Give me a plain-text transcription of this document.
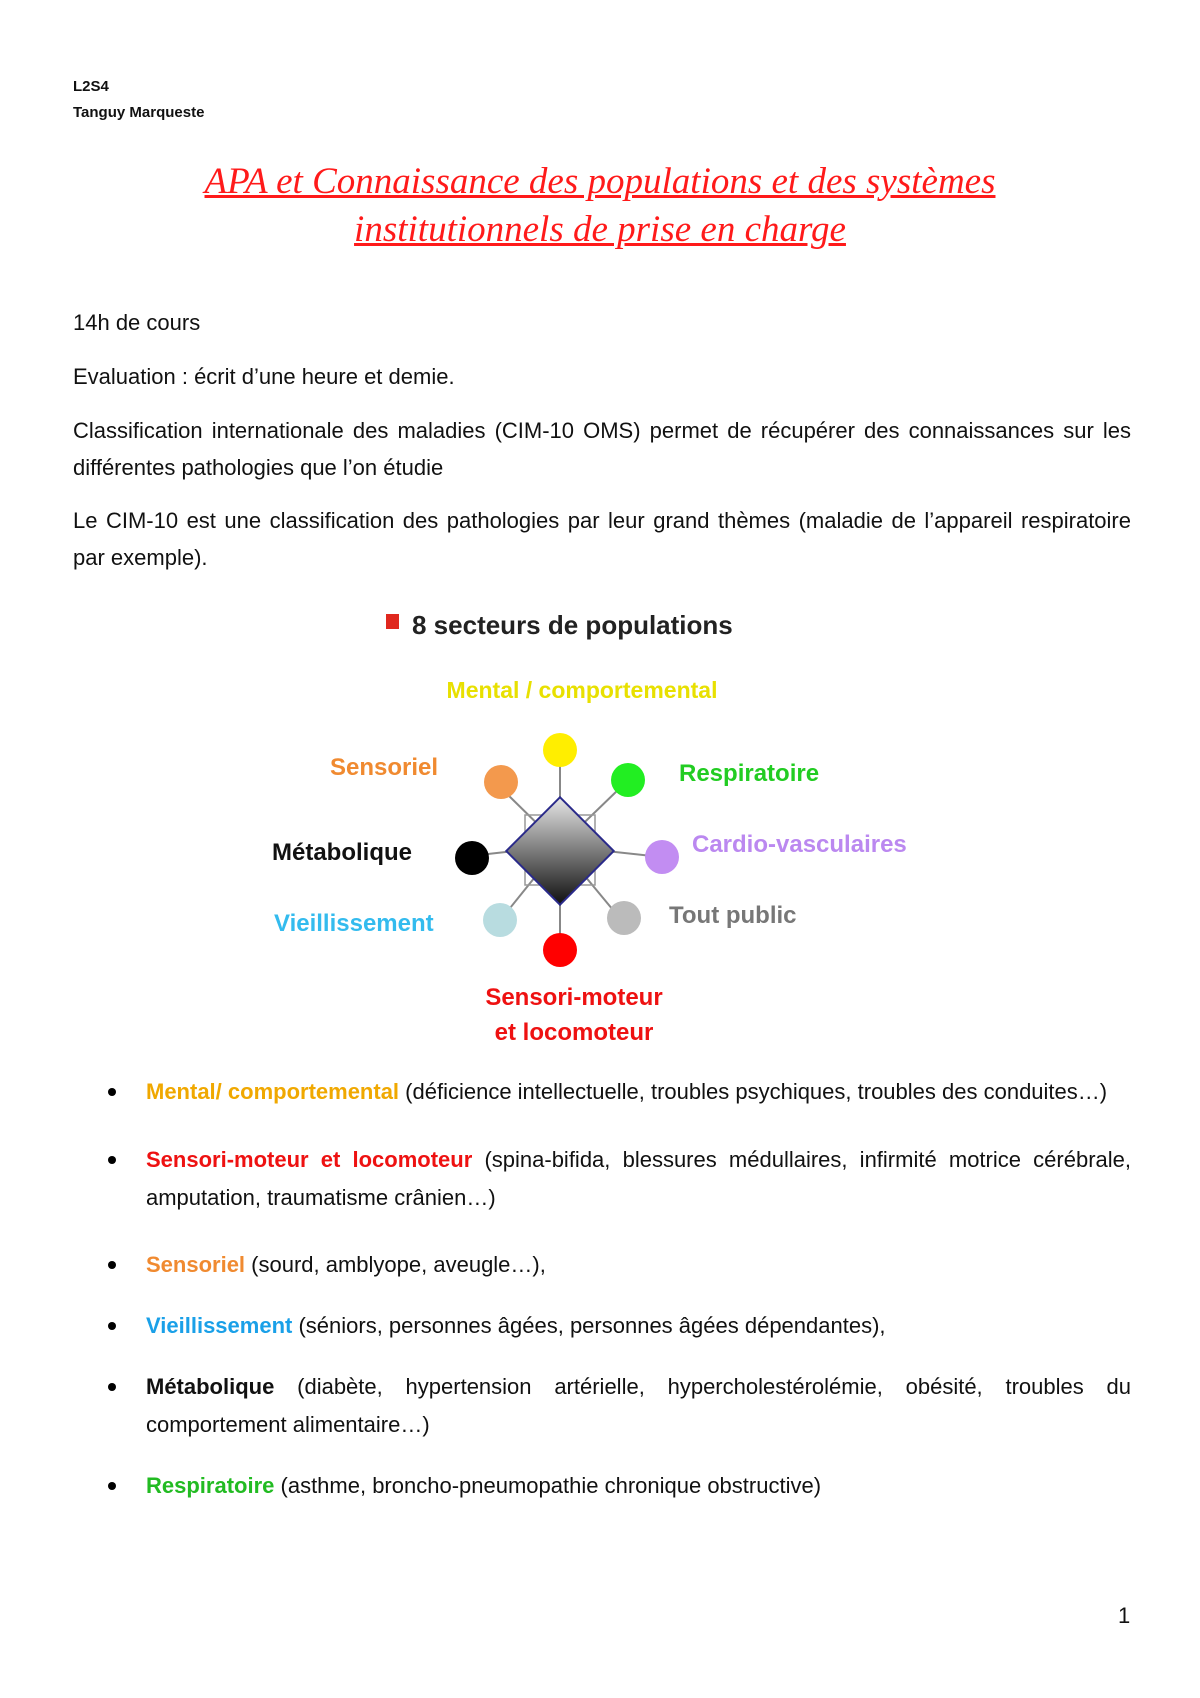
L2S4
Tanguy Marqueste
APA et Connaissance des populations et des systèmes
institutionnels de prise en charge
14h de cours
Evaluation : écrit d’une heure et demie.
Classification internationale des maladies (CIM-10 OMS) permet de récupérer des connaissances sur les différentes pathologies que l’on étudie
Le CIM-10 est une classification des pathologies par leur grand thèmes (maladie de l’appareil respiratoire par exemple).
8 secteurs de populations
Mental / comportemental
Respiratoire
Cardio-vasculaires
Tout public
Sensori-moteur
et locomoteur
Vieillissement
Métabolique
Sensoriel
Mental/ comportemental (déficience intellectuelle, troubles psychiques, troubles des conduites…)
Sensori-moteur et locomoteur (spina-bifida, blessures médullaires, infirmité motrice cérébrale, amputation, traumatisme crânien…)
Sensoriel (sourd, amblyope, aveugle…),
Vieillissement (séniors, personnes âgées, personnes âgées dépendantes),
Métabolique (diabète, hypertension artérielle, hypercholestérolémie, obésité, troubles du comportement alimentaire…)
Respiratoire (asthme, broncho-pneumopathie chronique obstructive)
1
